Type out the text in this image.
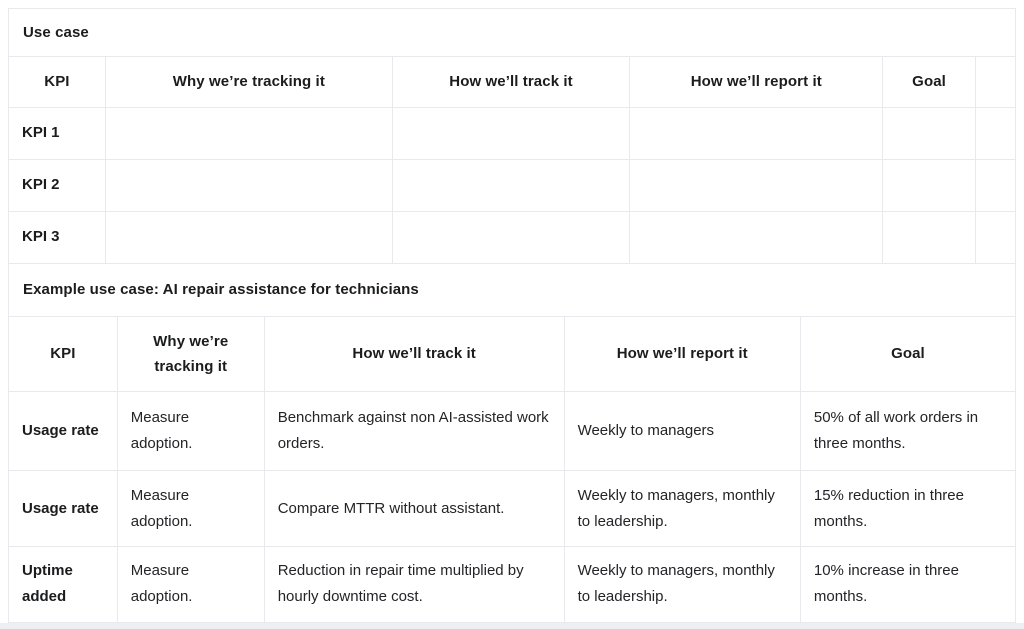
Use case
KPI	Why we’re tracking it	How we’ll track it	How we’ll report it	Goal	
KPI 1					
KPI 2					
KPI 3					
Example use case: AI repair assistance for technicians
KPI	Why we’re tracking it	How we’ll track it	How we’ll report it	Goal
Usage rate	Measure adoption.	Benchmark against non AI-assisted work orders.	Weekly to managers	50% of all work orders in three months.
Usage rate	Measure adoption.	Compare MTTR without assistant.	Weekly to managers, monthly to leadership.	15% reduction in three months.
Uptime added	Measure adoption.	Reduction in repair time multiplied by hourly downtime cost.	Weekly to managers, monthly to leadership.	10% increase in three months.
